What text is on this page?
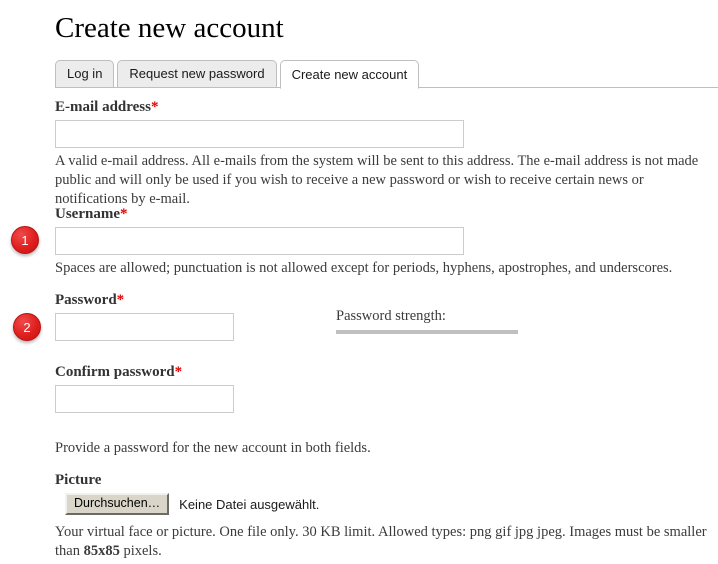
Create new account
Log in	Request new password	Create new account
E-mail address*

A valid e-mail address. All e-mails from the system will be sent to this address. The e-mail address is not made public and will only be used if you wish to receive a new password or wish to receive certain news or notifications by e-mail.

Username*

Spaces are allowed; punctuation is not allowed except for periods, hyphens, apostrophes, and underscores.

Password*
Password strength:
Confirm password*

Provide a password for the new account in both fields.

Picture
Durchsuchen…	Keine Datei ausgewählt.

Your virtual face or picture. One file only. 30 KB limit. Allowed types: png gif jpg jpeg. Images must be smaller than 85x85 pixels.

1
2
